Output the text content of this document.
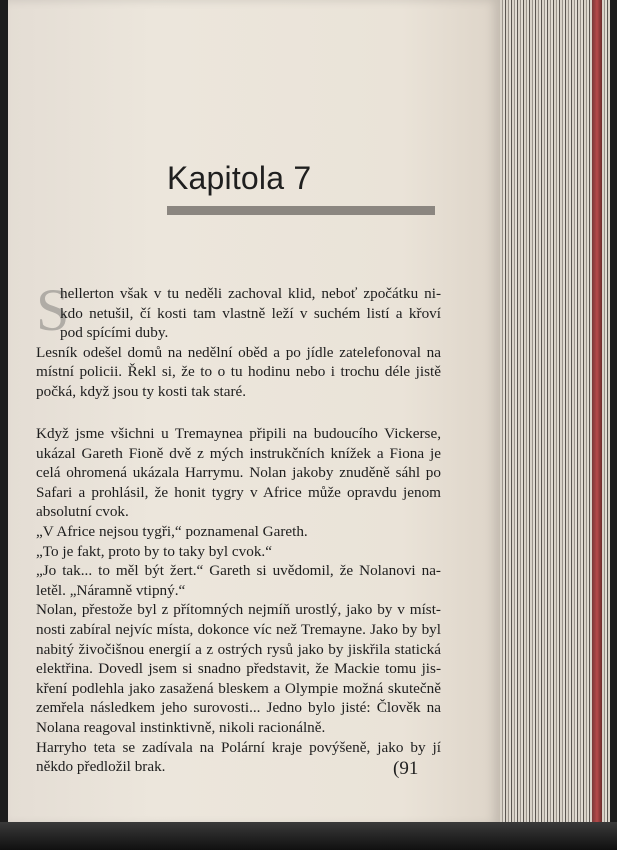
Kapitola 7
S
hellerton však v tu neděli zachoval klid, neboť zpočátku ni-
kdo netušil, čí kosti tam vlastně leží v suchém listí a křoví
pod spícími duby.
Lesník odešel domů na nedělní oběd a po jídle zatelefonoval na
místní policii. Řekl si, že to o tu hodinu nebo i trochu déle jistě
počká, když jsou ty kosti tak staré.
Když jsme všichni u Tremaynea připili na budoucího Vickerse,
ukázal Gareth Fioně dvě z mých instrukčních knížek a Fiona je
celá ohromená ukázala Harrymu. Nolan jakoby znuděně sáhl po
Safari a prohlásil, že honit tygry v Africe může opravdu jenom
absolutní cvok.
„V Africe nejsou tygři,“ poznamenal Gareth.
„To je fakt, proto by to taky byl cvok.“
„Jo tak... to měl být žert.“ Gareth si uvědomil, že Nolanovi na-
letěl. „Náramně vtipný.“
Nolan, přestože byl z přítomných nejmíň urostlý, jako by v míst-
nosti zabíral nejvíc místa, dokonce víc než Tremayne. Jako by byl
nabitý živočišnou energií a z ostrých rysů jako by jiskřila statická
elektřina. Dovedl jsem si snadno představit, že Mackie tomu jis-
kření podlehla jako zasažená bleskem a Olympie možná skutečně
zemřela následkem jeho surovosti... Jedno bylo jisté: Člověk na
Nolana reagoval instinktivně, nikoli racionálně.
Harryho teta se zadívala na Polární kraje povýšeně, jako by jí
někdo předložil brak.	(91
